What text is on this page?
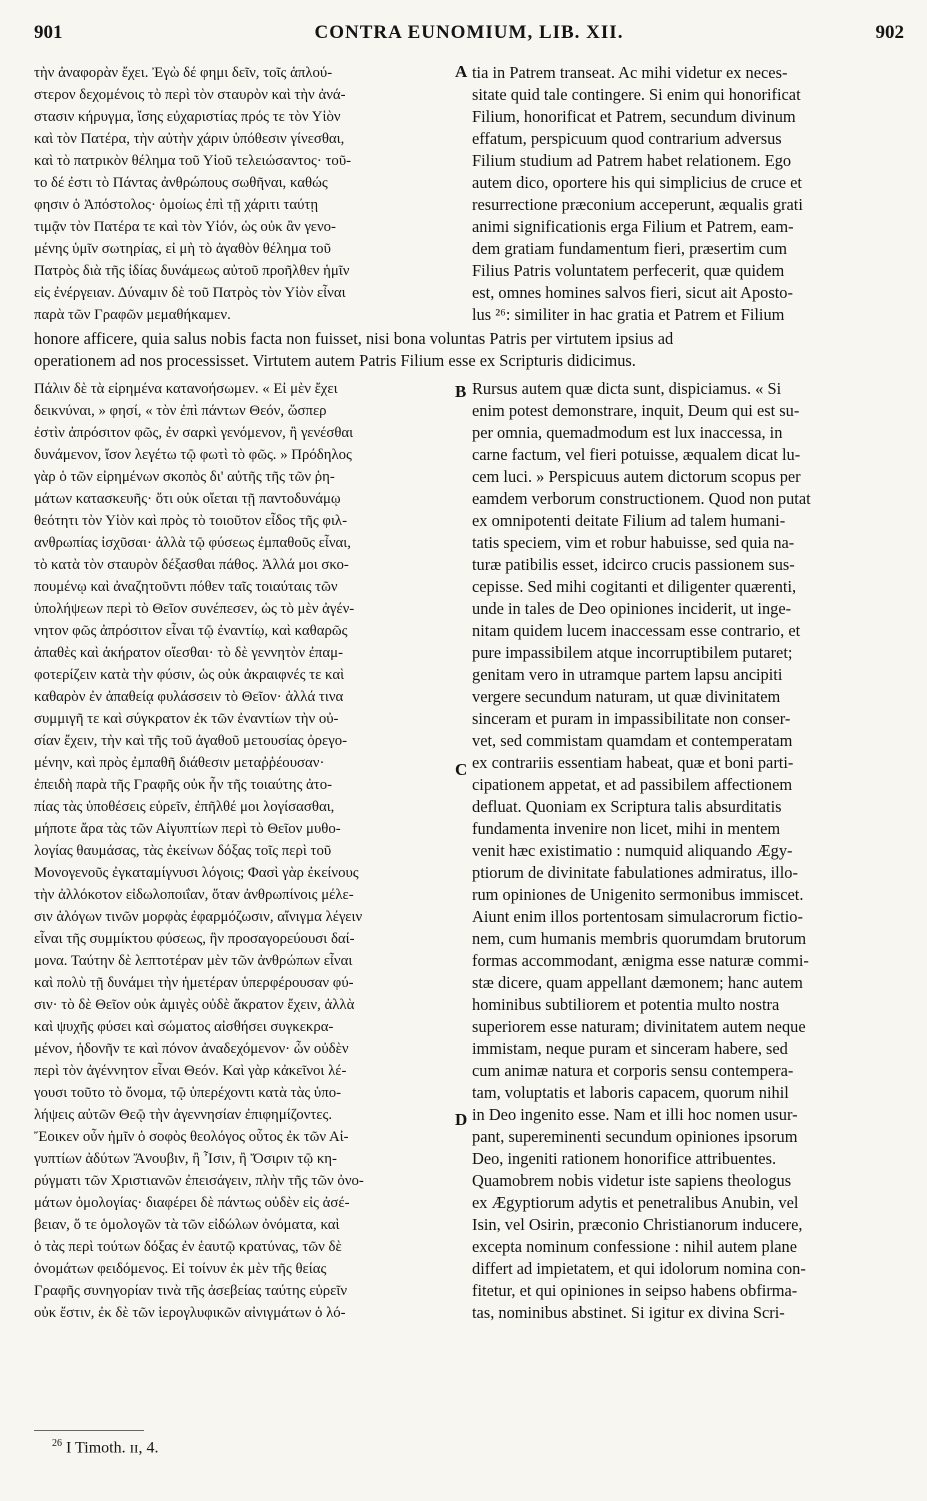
901	CONTRA EUNOMIUM, LIB. XII.	902
τὴν ἀναφορὰν ἔχει. Ἐγὼ δέ φημι δεῖν, τοῖς ἁπλού-
στερον δεχομένοις τὸ περὶ τὸν σταυρὸν καὶ τὴν ἀνά-
στασιν κήρυγμα, ἴσης εὐχαριστίας πρός τε τὸν Υἱὸν
καὶ τὸν Πατέρα, τὴν αὐτὴν χάριν ὑπόθεσιν γίνεσθαι,
καὶ τὸ πατρικὸν θέλημα τοῦ Υἱοῦ τελειώσαντος· τοῦ-
το δέ ἐστι τὸ Πάντας ἀνθρώπους σωθῆναι, καθώς
φησιν ὁ Ἀπόστολος· ὁμοίως ἐπὶ τῇ χάριτι ταύτῃ
τιμᾷν τὸν Πατέρα τε καὶ τὸν Υἱόν, ὡς οὐκ ἂν γενο-
μένης ὑμῖν σωτηρίας, εἰ μὴ τὸ ἀγαθὸν θέλημα τοῦ
Πατρὸς διὰ τῆς ἰδίας δυνάμεως αὐτοῦ προῆλθεν ἡμῖν
εἰς ἐνέργειαν. Δύναμιν δὲ τοῦ Πατρὸς τὸν Υἱὸν εἶναι
παρὰ τῶν Γραφῶν μεμαθήκαμεν.
tia in Patrem transeat. Ac mihi videtur ex neces-
sitate quid tale contingere. Si enim qui honorificat
Filium, honorificat et Patrem, secundum divinum
effatum, perspicuum quod contrarium adversus
Filium studium ad Patrem habet relationem. Ego
autem dico, oportere his qui simplicius de cruce et
resurrectione præconium acceperunt, æqualis grati
animi significationis erga Filium et Patrem, eam-
dem gratiam fundamentum fieri, præsertim cum
Filius Patris voluntatem perfecerit, quæ quidem
est, omnes homines salvos fieri, sicut ait Aposto-
lus ²⁶: similiter in hac gratia et Patrem et Filium
honore afficere, quia salus nobis facta non fuisset, nisi bona voluntas Patris per virtutem ipsius ad
operationem ad nos processisset. Virtutem autem Patris Filium esse ex Scripturis didicimus.
Πάλιν δὲ τὰ εἰρημένα κατανοήσωμεν. « Εἰ μὲν ἔχει
δεικνύναι, » φησί, « τὸν ἐπὶ πάντων Θεόν, ὥσπερ
ἐστὶν ἀπρόσιτον φῶς, ἐν σαρκὶ γενόμενον, ἢ γενέσθαι
δυνάμενον, ἴσον λεγέτω τῷ φωτὶ τὸ φῶς. » Πρόδηλος
γὰρ ὁ τῶν εἰρημένων σκοπὸς δι' αὐτῆς τῆς τῶν ῥη-
μάτων κατασκευῆς· ὅτι οὐκ οἴεται τῇ παντοδυνάμῳ
θεότητι τὸν Υἱὸν καὶ πρὸς τὸ τοιοῦτον εἶδος τῆς φιλ-
ανθρωπίας ἰσχῦσαι· ἀλλὰ τῷ φύσεως ἐμπαθοῦς εἶναι,
τὸ κατὰ τὸν σταυρὸν δέξασθαι πάθος. Ἀλλά μοι σκο-
πουμένῳ καὶ ἀναζητοῦντι πόθεν ταῖς τοιαύταις τῶν
ὑπολήψεων περὶ τὸ Θεῖον συνέπεσεν, ὡς τὸ μὲν ἀγέν-
νητον φῶς ἀπρόσιτον εἶναι τῷ ἐναντίῳ, καὶ καθαρῶς
ἀπαθὲς καὶ ἀκήρατον οἴεσθαι· τὸ δὲ γεννητὸν ἐπαμ-
φοτερίζειν κατὰ τὴν φύσιν, ὡς οὐκ ἀκραιφνές τε καὶ
καθαρὸν ἐν ἀπαθείᾳ φυλάσσειν τὸ Θεῖον· ἀλλά τινα
συμμιγῆ τε καὶ σύγκρατον ἐκ τῶν ἐναντίων τὴν οὐ-
σίαν ἔχειν, τὴν καὶ τῆς τοῦ ἀγαθοῦ μετουσίας ὀρεγο-
μένην, καὶ πρὸς ἐμπαθῆ διάθεσιν μεταῤῥέουσαν·
ἐπειδὴ παρὰ τῆς Γραφῆς οὐκ ἦν τῆς τοιαύτης ἀτο-
πίας τὰς ὑποθέσεις εὑρεῖν, ἐπῆλθέ μοι λογίσασθαι,
μήποτε ἄρα τὰς τῶν Αἰγυπτίων περὶ τὸ Θεῖον μυθο-
λογίας θαυμάσας, τὰς ἐκείνων δόξας τοῖς περὶ τοῦ
Μονογενοῦς ἐγκαταμίγνυσι λόγοις; Φασὶ γὰρ ἐκείνους
τὴν ἀλλόκοτον εἰδωλοποιΐαν, ὅταν ἀνθρωπίνοις μέλε-
σιν ἀλόγων τινῶν μορφὰς ἐφαρμόζωσιν, αἴνιγμα λέγειν
εἶναι τῆς συμμίκτου φύσεως, ἣν προσαγορεύουσι δαί-
μονα. Ταύτην δὲ λεπτοτέραν μὲν τῶν ἀνθρώπων εἶναι
καὶ πολὺ τῇ δυνάμει τὴν ἡμετέραν ὑπερφέρουσαν φύ-
σιν· τὸ δὲ Θεῖον οὐκ ἀμιγὲς οὐδὲ ἄκρατον ἔχειν, ἀλλὰ
καὶ ψυχῆς φύσει καὶ σώματος αἰσθήσει συγκεκρα-
μένον, ἡδονῆν τε καὶ πόνον ἀναδεχόμενον· ὧν οὐδὲν
περὶ τὸν ἀγέννητον εἶναι Θεόν. Καὶ γὰρ κἀκεῖνοι λέ-
γουσι τοῦτο τὸ ὄνομα, τῷ ὑπερέχοντι κατὰ τὰς ὑπο-
λήψεις αὐτῶν Θεῷ τὴν ἀγεννησίαν ἐπιφημίζοντες.
Ἔοικεν οὖν ἡμῖν ὁ σοφὸς θεολόγος οὗτος ἐκ τῶν Αἰ-
γυπτίων ἀδύτων Ἄνουβιν, ἢ Ἶσιν, ἢ Ὄσιριν τῷ κη-
ρύγματι τῶν Χριστιανῶν ἐπεισάγειν, πλὴν τῆς τῶν ὀνο-
μάτων ὁμολογίας· διαφέρει δὲ πάντως οὐδὲν εἰς ἀσέ-
βειαν, ὅ τε ὁμολογῶν τὰ τῶν εἰδώλων ὀνόματα, καὶ
ὁ τὰς περὶ τούτων δόξας ἐν ἑαυτῷ κρατύνας, τῶν δὲ
ὀνομάτων φειδόμενος. Εἰ τοίνυν ἐκ μὲν τῆς θείας
Γραφῆς συνηγορίαν τινὰ τῆς ἀσεβείας ταύτης εὑρεῖν
οὐκ ἔστιν, ἐκ δὲ τῶν ἱερογλυφικῶν αἰνιγμάτων ὁ λό-
Rursus autem quæ dicta sunt, dispiciamus. « Si
enim potest demonstrare, inquit, Deum qui est su-
per omnia, quemadmodum est lux inaccessa, in
carne factum, vel fieri potuisse, æqualem dicat lu-
cem luci. » Perspicuus autem dictorum scopus per
eamdem verborum constructionem. Quod non putat
ex omnipotenti deitate Filium ad talem humani-
tatis speciem, vim et robur habuisse, sed quia na-
turæ patibilis esset, idcirco crucis passionem sus-
cepisse. Sed mihi cogitanti et diligenter quærenti,
unde in tales de Deo opiniones inciderit, ut inge-
nitam quidem lucem inaccessam esse contrario, et
pure impassibilem atque incorruptibilem putaret;
genitam vero in utramque partem lapsu ancipiti
vergere secundum naturam, ut quæ divinitatem
sinceram et puram in impassibilitate non conser-
vet, sed commistam quamdam et contemperatam
ex contrariis essentiam habeat, quæ et boni parti-
cipationem appetat, et ad passibilem affectionem
defluat. Quoniam ex Scriptura talis absurditatis
fundamenta invenire non licet, mihi in mentem
venit hæc existimatio : numquid aliquando Ægy-
ptiorum de divinitate fabulationes admiratus, illo-
rum opiniones de Unigenito sermonibus immiscet.
Aiunt enim illos portentosam simulacrorum fictio-
nem, cum humanis membris quorumdam brutorum
formas accommodant, ænigma esse naturæ commi-
stæ dicere, quam appellant dæmonem; hanc autem
hominibus subtiliorem et potentia multo nostra
superiorem esse naturam; divinitatem autem neque
immistam, neque puram et sinceram habere, sed
cum animæ natura et corporis sensu contempera-
tam, voluptatis et laboris capacem, quorum nihil
in Deo ingenito esse. Nam et illi hoc nomen usur-
pant, supereminenti secundum opiniones ipsorum
Deo, ingeniti rationem honorifice attribuentes.
Quamobrem nobis videtur iste sapiens theologus
ex Ægyptiorum adytis et penetralibus Anubin, vel
Isin, vel Osirin, præconio Christianorum inducere,
excepta nominum confessione : nihil autem plane
differt ad impietatem, et qui idolorum nomina con-
fitetur, et qui opiniones in seipso habens obfirma-
tas, nominibus abstinet. Si igitur ex divina Scri-
A
B
C
D
$^{26}$ I Timoth. ɪɪ, 4.
